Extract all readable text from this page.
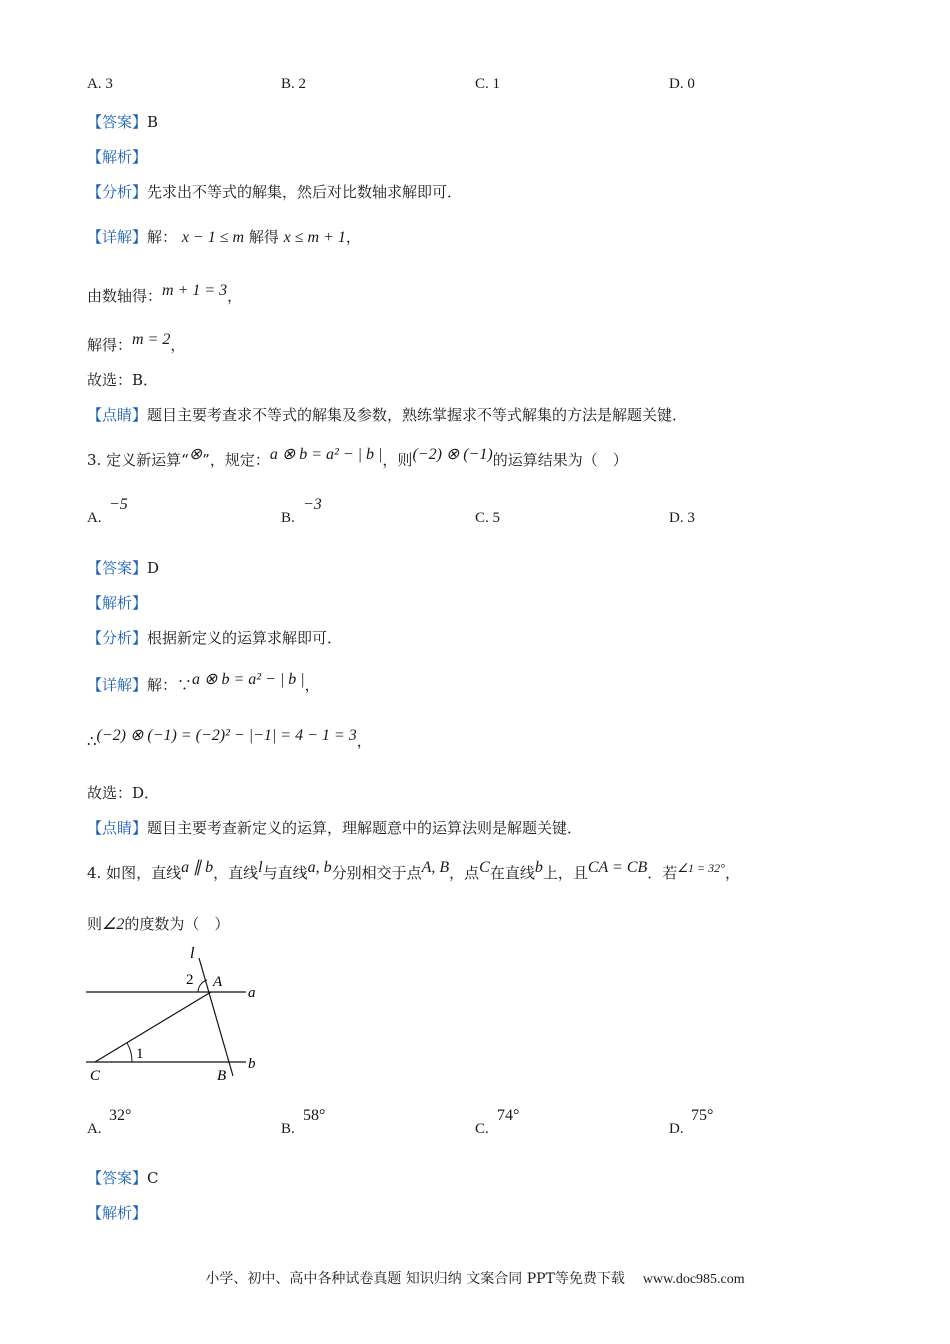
A. 3	B. 2	C. 1	D. 0
【答案】B
【解析】
【分析】先求出不等式的解集，然后对比数轴求解即可．
【详解】解： x − 1 ≤ m 解得 x ≤ m + 1，
由数轴得：m + 1 = 3，
解得：m = 2，
故选：B．
【点睛】题目主要考查求不等式的解集及参数，熟练掌握求不等式解集的方法是解题关键．
3. 定义新运算“⊗”，规定：a ⊗ b = a² − | b |，则(−2) ⊗ (−1)的运算结果为（　）
A.
−5
B.
−3
C. 5	D. 3
【答案】D
【解析】
【分析】根据新定义的运算求解即可．
【详解】解：∵a ⊗ b = a² − | b |，
∴(−2) ⊗ (−1) = (−2)² − |−1| = 4 − 1 = 3，
故选：D．
【点睛】题目主要考查新定义的运算，理解题意中的运算法则是解题关键．
4. 如图，直线a ∥ b，直线l与直线a, b分别相交于点A, B，点C在直线b上，且CA = CB．若$^{\angle 1 = 32^\circ}$，
则∠2的度数为（　）
l
2 A
a
1
C	B
b
A.
32°
B.
58°
C.
74°
D.
75°
【答案】C
【解析】
小学、初中、高中各种试卷真题 知识归纳 文案合同 PPT等免费下载 www.doc985.com
